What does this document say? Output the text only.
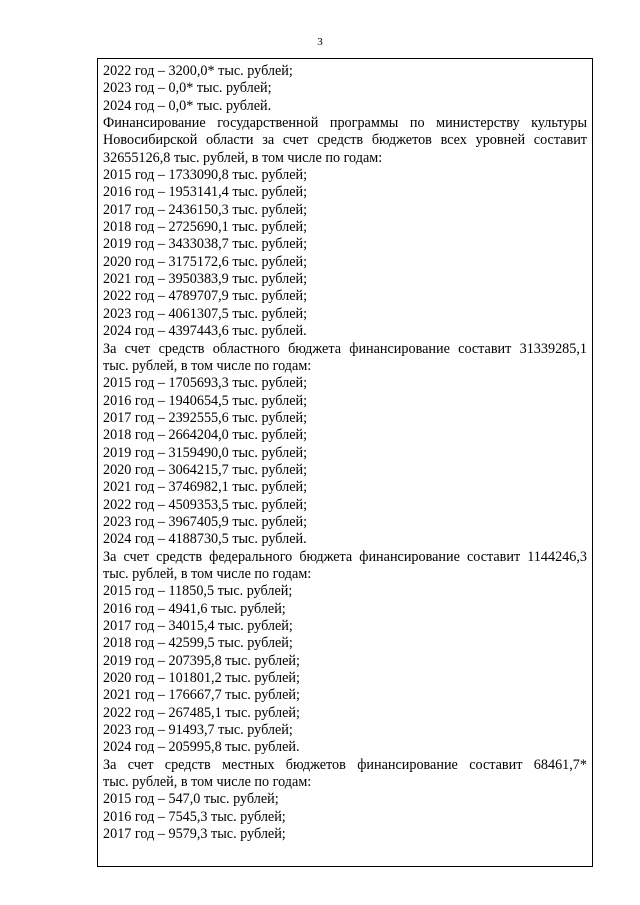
3
2022 год – 3200,0* тыс. рублей;
2023 год – 0,0* тыс. рублей;
2024 год – 0,0* тыс. рублей.
Финансирование государственной программы по министерству культуры
Новосибирской области за счет средств бюджетов всех уровней составит
32655126,8 тыс. рублей, в том числе по годам:
2015 год – 1733090,8 тыс. рублей;
2016 год – 1953141,4 тыс. рублей;
2017 год – 2436150,3 тыс. рублей;
2018 год – 2725690,1 тыс. рублей;
2019 год – 3433038,7 тыс. рублей;
2020 год – 3175172,6 тыс. рублей;
2021 год – 3950383,9 тыс. рублей;
2022 год – 4789707,9 тыс. рублей;
2023 год – 4061307,5 тыс. рублей;
2024 год – 4397443,6 тыс. рублей.
За счет средств областного бюджета финансирование составит 31339285,1
тыс. рублей, в том числе по годам:
2015 год – 1705693,3 тыс. рублей;
2016 год – 1940654,5 тыс. рублей;
2017 год – 2392555,6 тыс. рублей;
2018 год – 2664204,0 тыс. рублей;
2019 год – 3159490,0 тыс. рублей;
2020 год – 3064215,7 тыс. рублей;
2021 год – 3746982,1 тыс. рублей;
2022 год – 4509353,5 тыс. рублей;
2023 год – 3967405,9 тыс. рублей;
2024 год – 4188730,5 тыс. рублей.
За счет средств федерального бюджета финансирование составит 1144246,3
тыс. рублей, в том числе по годам:
2015 год – 11850,5 тыс. рублей;
2016 год – 4941,6 тыс. рублей;
2017 год – 34015,4 тыс. рублей;
2018 год – 42599,5 тыс. рублей;
2019 год – 207395,8 тыс. рублей;
2020 год – 101801,2 тыс. рублей;
2021 год – 176667,7 тыс. рублей;
2022 год – 267485,1 тыс. рублей;
2023 год – 91493,7 тыс. рублей;
2024 год – 205995,8 тыс. рублей.
За счет средств местных бюджетов финансирование составит 68461,7*
тыс. рублей, в том числе по годам:
2015 год – 547,0 тыс. рублей;
2016 год – 7545,3 тыс. рублей;
2017 год – 9579,3 тыс. рублей;
